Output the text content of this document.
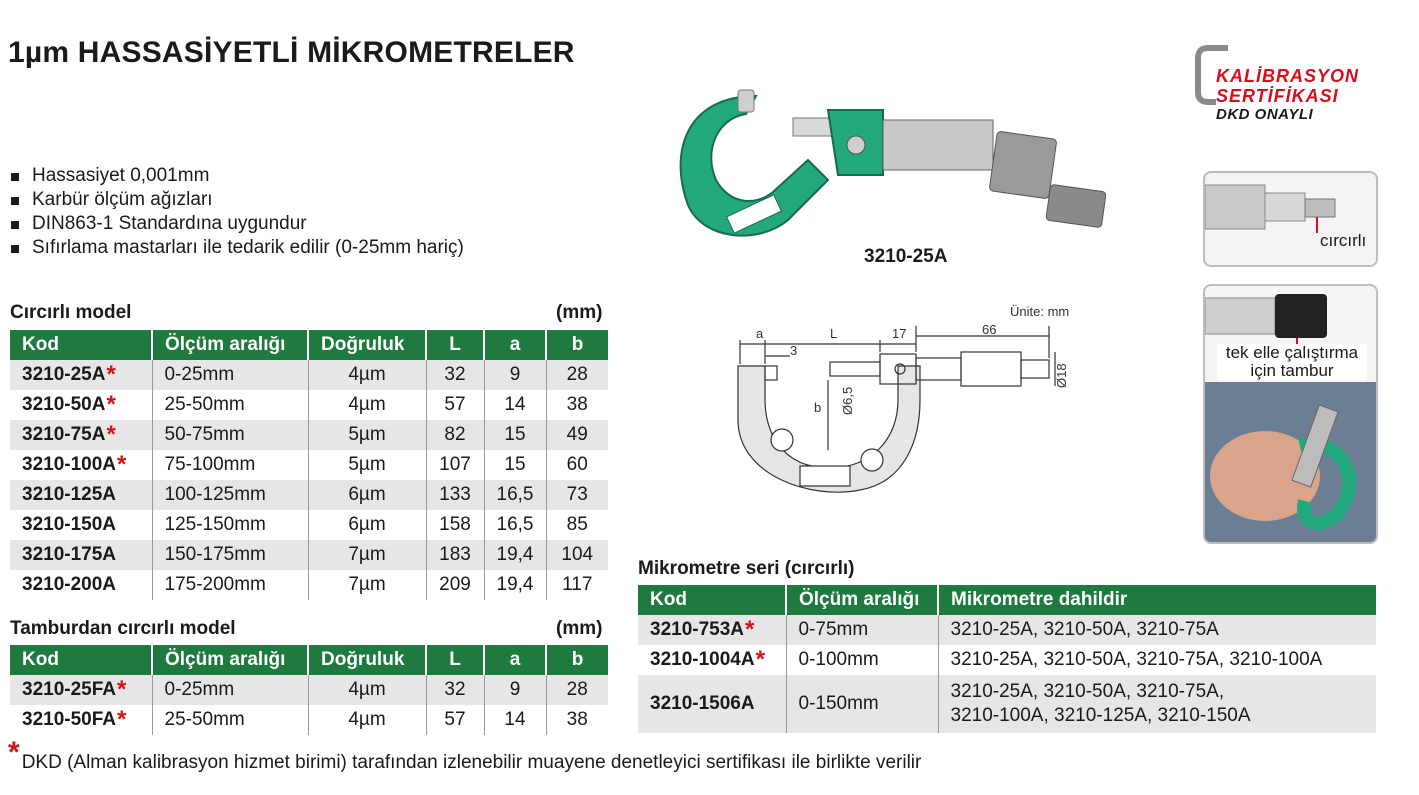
1µm HASSASİYETLİ MİKROMETRELER
Hassasiyet 0,001mm
Karbür ölçüm ağızları
DIN863-1 Standardına uygundur
Sıfırlama mastarları ile tedarik edilir (0-25mm hariç)	3210-25A
KALİBRASYON
SERTİFİKASI
DKD ONAYLI
cırcırlı
tek elle çalıştırma
için tambur
Ünite: mm
a	L	17	66
3
b Ø6,5
Ø18
Cırcırlı model	(mm)
Kod	Ölçüm aralığı	Doğruluk	L	a	b
3210-25A*	0-25mm	4µm	32	9	28
3210-50A*	25-50mm	4µm	57	14	38
3210-75A*	50-75mm	5µm	82	15	49
3210-100A*	75-100mm	5µm	107	15	60
3210-125A	100-125mm	6µm	133	16,5	73
3210-150A	125-150mm	6µm	158	16,5	85
3210-175A	150-175mm	7µm	183	19,4	104
3210-200A	175-200mm	7µm	209	19,4	117
Tamburdan cırcırlı model	(mm)
Kod	Ölçüm aralığı	Doğruluk	L	a	b
3210-25FA*	0-25mm	4µm	32	9	28
3210-50FA*	25-50mm	4µm	57	14	38
Mikrometre seri (cırcırlı)
Kod	Ölçüm aralığı	Mikrometre dahildir
3210-753A*	0-75mm	3210-25A, 3210-50A, 3210-75A
3210-1004A*	0-100mm	3210-25A, 3210-50A, 3210-75A, 3210-100A
3210-1506A	0-150mm	3210-25A, 3210-50A, 3210-75A,
3210-100A, 3210-125A, 3210-150A
* DKD (Alman kalibrasyon hizmet birimi) tarafından izlenebilir muayene denetleyici sertifikası ile birlikte verilir
